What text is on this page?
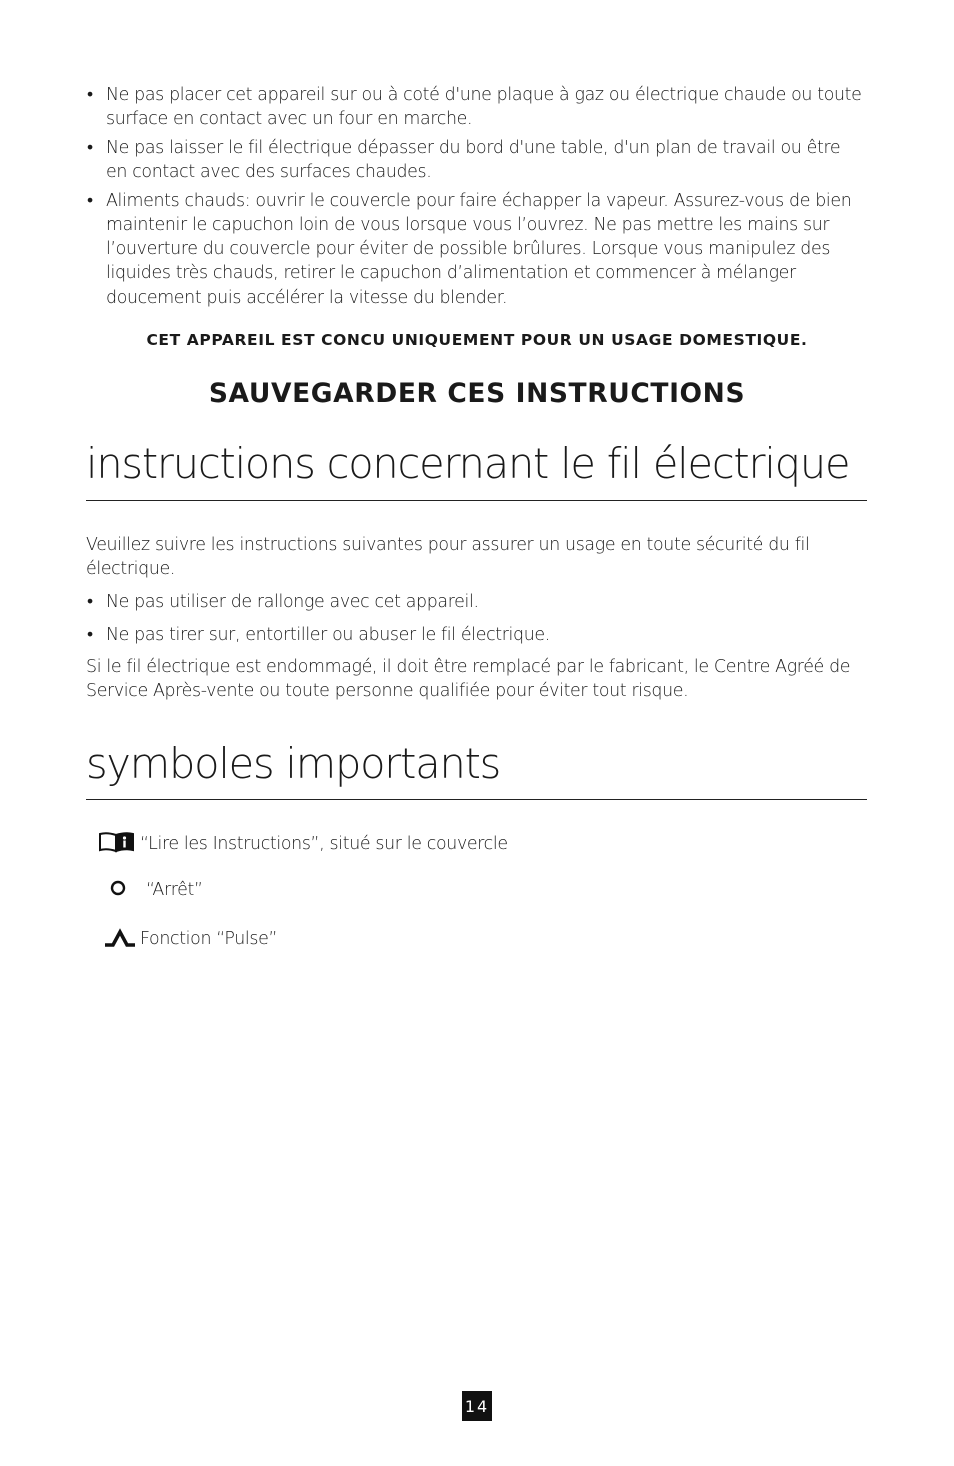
• Ne pas placer cet appareil sur ou à coté d'une plaque à gaz ou électrique chaude ou toute surface en contact avec un four en marche.
• Ne pas laisser le fil électrique dépasser du bord d'une table, d'un plan de travail ou être en contact avec des surfaces chaudes.
• Aliments chauds: ouvrir le couvercle pour faire échapper la vapeur. Assurez-vous de bien maintenir le capuchon loin de vous lorsque vous l’ouvrez. Ne pas mettre les mains sur l’ouverture du couvercle pour éviter de possible brûlures. Lorsque vous manipulez des liquides très chauds, retirer le capuchon d’alimentation et commencer à mélanger doucement puis accélérer la vitesse du blender.
CET APPAREIL EST CONCU UNIQUEMENT POUR UN USAGE DOMESTIQUE.
SAUVEGARDER CES INSTRUCTIONS
instructions concernant le fil électrique
Veuillez suivre les instructions suivantes pour assurer un usage en toute sécurité du fil électrique.
• Ne pas utiliser de rallonge avec cet appareil.
• Ne pas tirer sur, entortiller ou abuser le fil électrique.
Si le fil électrique est endommagé, il doit être remplacé par le fabricant, le Centre Agréé de Service Après-vente ou toute personne qualifiée pour éviter tout risque.
symboles importants
“Lire les Instructions”, situé sur le couvercle
“Arrêt”
Fonction “Pulse”
14
